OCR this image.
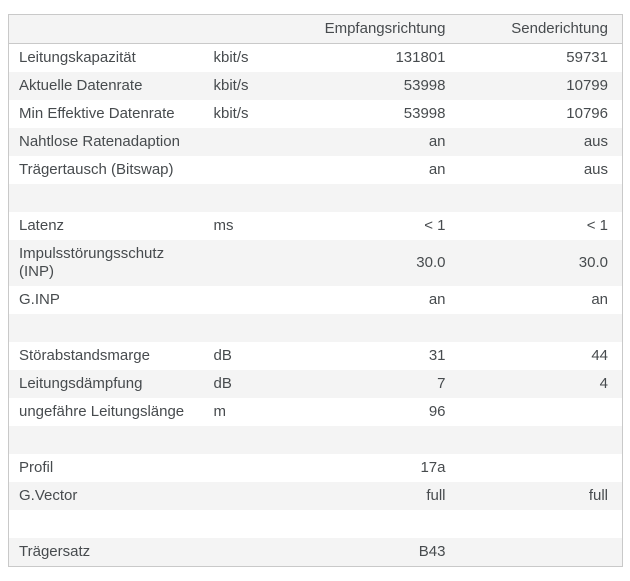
		Empfangsrichtung	Senderichtung
Leitungskapazität	kbit/s	131801	59731
Aktuelle Datenrate	kbit/s	53998	10799
Min Effektive Datenrate	kbit/s	53998	10796
Nahtlose Ratenadaption		an	aus
Trägertausch (Bitswap)		an	aus

Latenz	ms	< 1	< 1
Impulsstörungsschutz (INP)		30.0	30.0
G.INP		an	an

Störabstandsmarge	dB	31	44
Leitungsdämpfung	dB	7	4
ungefähre Leitungslänge	m	96	

Profil		17a	
G.Vector		full	full

Trägersatz		B43	
